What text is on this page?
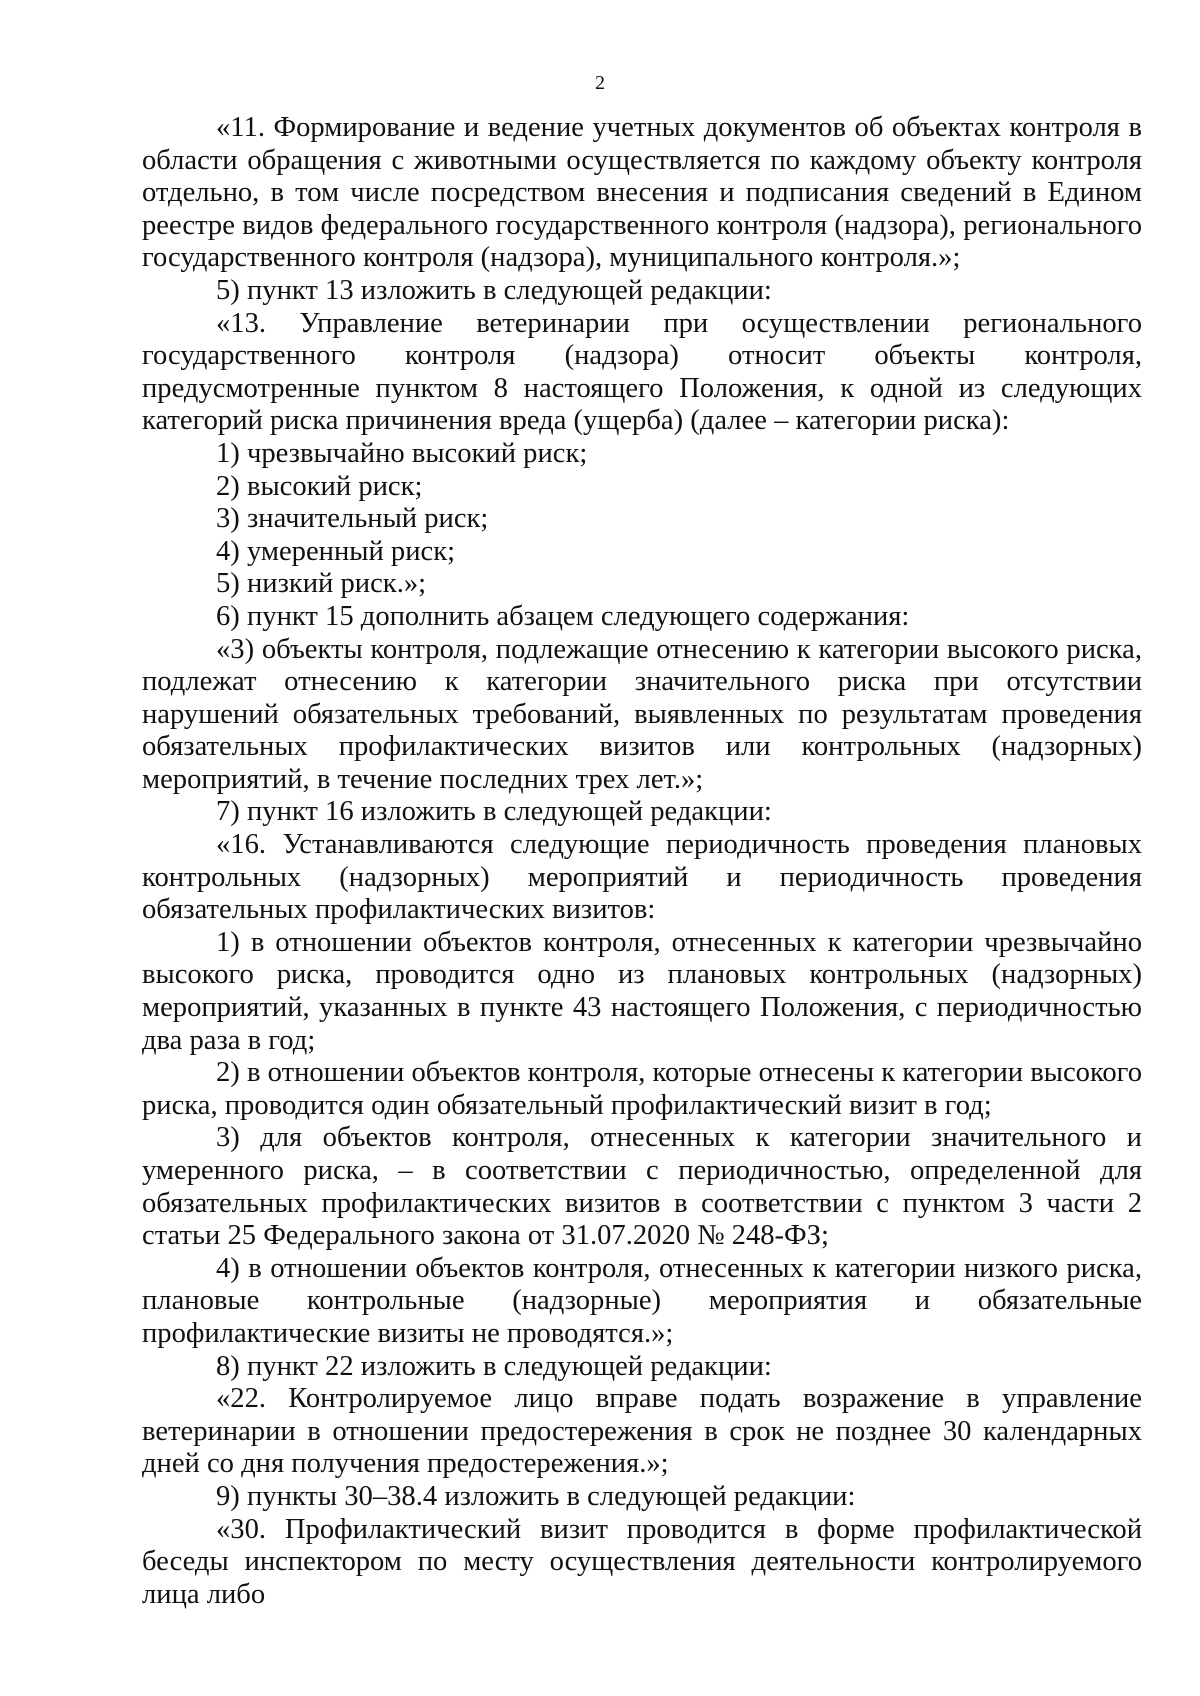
2

«11. Формирование и ведение учетных документов об объектах контроля в области обращения с животными осуществляется по каждому объекту контроля отдельно, в том числе посредством внесения и подписания сведений в Едином реестре видов федерального государственного контроля (надзора), регионального государственного контроля (надзора), муниципального контроля.»;

5) пункт 13 изложить в следующей редакции:

«13. Управление ветеринарии при осуществлении регионального государственного контроля (надзора) относит объекты контроля, предусмотренные пунктом 8 настоящего Положения, к одной из следующих категорий риска причинения вреда (ущерба) (далее – категории риска):

1) чрезвычайно высокий риск;

2) высокий риск;

3) значительный риск;

4) умеренный риск;

5) низкий риск.»;

6) пункт 15 дополнить абзацем следующего содержания:

«3) объекты контроля, подлежащие отнесению к категории высокого риска, подлежат отнесению к категории значительного риска при отсутствии нарушений обязательных требований, выявленных по результатам проведения обязательных профилактических визитов или контрольных (надзорных) мероприятий, в течение последних трех лет.»;

7) пункт 16 изложить в следующей редакции:

«16. Устанавливаются следующие периодичность проведения плановых контрольных (надзорных) мероприятий и периодичность проведения обязательных профилактических визитов:

1) в отношении объектов контроля, отнесенных к категории чрезвычайно высокого риска, проводится одно из плановых контрольных (надзорных) мероприятий, указанных в пункте 43 настоящего Положения, с периодичностью два раза в год;

2) в отношении объектов контроля, которые отнесены к категории высокого риска, проводится один обязательный профилактический визит в год;

3) для объектов контроля, отнесенных к категории значительного и умеренного риска, – в соответствии с периодичностью, определенной для обязательных профилактических визитов в соответствии с пунктом 3 части 2 статьи 25 Федерального закона от 31.07.2020 № 248-ФЗ;

4) в отношении объектов контроля, отнесенных к категории низкого риска, плановые контрольные (надзорные) мероприятия и обязательные профилактические визиты не проводятся.»;

8) пункт 22 изложить в следующей редакции:

«22. Контролируемое лицо вправе подать возражение в управление ветеринарии в отношении предостережения в срок не позднее 30 календарных дней со дня получения предостережения.»;

9) пункты 30–38.4 изложить в следующей редакции:

«30. Профилактический визит проводится в форме профилактической беседы инспектором по месту осуществления деятельности контролируемого лица либо
